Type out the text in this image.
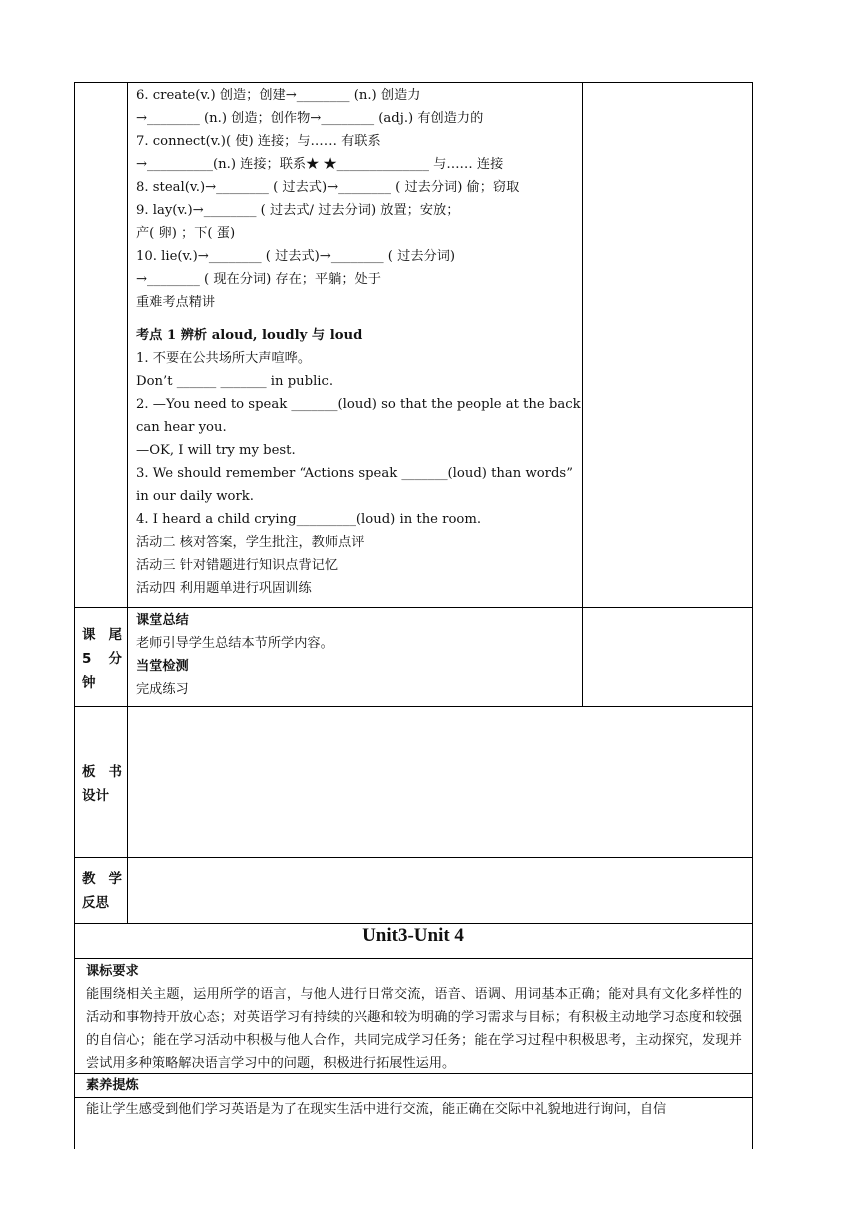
6. create(v.) 创造；创建→________ (n.) 创造力
→________ (n.) 创造；创作物→________ (adj.) 有创造力的
7. connect(v.)( 使) 连接；与…… 有联系
→__________(n.) 连接；联系★ ★______________ 与…… 连接
8. steal(v.)→________ ( 过去式)→________ ( 过去分词) 偷；窃取
9. lay(v.)→________ ( 过去式/ 过去分词) 放置；安放；
产( 卵) ；下( 蛋)
10. lie(v.)→________ ( 过去式)→________ ( 过去分词)
→________ ( 现在分词) 存在；平躺；处于
重难考点精讲
考点 1 辨析 aloud, loudly 与 loud
1. 不要在公共场所大声喧哗。
Don’t ______ _______ in public.
2. —You need to speak _______(loud) so that the people at the back
can hear you.
—OK, I will try my best.
3. We should remember “Actions speak _______(loud) than words”
in our daily work.
4. I heard a child crying_________(loud) in the room.
活动二 核对答案，学生批注，教师点评
活动三 针对错题进行知识点背记忆
活动四 利用题单进行巩固训练
课 尾
5 分
钟
课堂总结
老师引导学生总结本节所学内容。
当堂检测
完成练习
板 书
设计
教 学
反思
Unit3-Unit 4
课标要求
能围绕相关主题，运用所学的语言，与他人进行日常交流，语音、语调、用词基本正确；能对具有文化多样性的活动和事物持开放心态；对英语学习有持续的兴趣和较为明确的学习需求与目标；有积极主动地学习态度和较强的自信心；能在学习活动中积极与他人合作，共同完成学习任务；能在学习过程中积极思考，主动探究，发现并尝试用多种策略解决语言学习中的问题，积极进行拓展性运用。
素养提炼
能让学生感受到他们学习英语是为了在现实生活中进行交流，能正确在交际中礼貌地进行询问，自信
